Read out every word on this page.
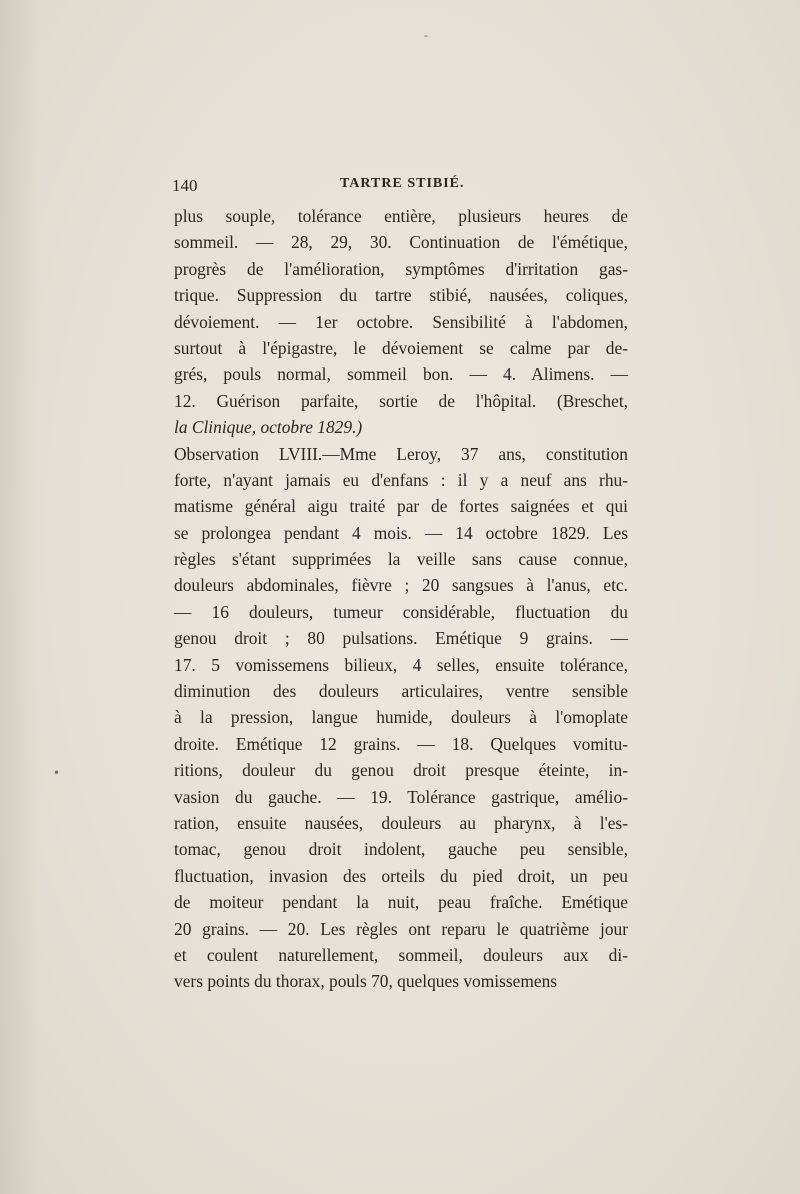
-
•
140	TARTRE STIBIÉ.
plus souple, tolérance entière, plusieurs heures de
sommeil. — 28, 29, 30. Continuation de l'émétique,
progrès de l'amélioration, symptômes d'irritation gas-
trique. Suppression du tartre stibié, nausées, coliques,
dévoiement. — 1er octobre. Sensibilité à l'abdomen,
surtout à l'épigastre, le dévoiement se calme par de-
grés, pouls normal, sommeil bon. — 4. Alimens. —
12. Guérison parfaite, sortie de l'hôpital. (Breschet,
la Clinique, octobre 1829.)
Observation LVIII.—Mme Leroy, 37 ans, constitution
forte, n'ayant jamais eu d'enfans : il y a neuf ans rhu-
matisme général aigu traité par de fortes saignées et qui
se prolongea pendant 4 mois. — 14 octobre 1829. Les
règles s'étant supprimées la veille sans cause connue,
douleurs abdominales, fièvre ; 20 sangsues à l'anus, etc.
— 16 douleurs, tumeur considérable, fluctuation du
genou droit ; 80 pulsations. Emétique 9 grains. —
17. 5 vomissemens bilieux, 4 selles, ensuite tolérance,
diminution des douleurs articulaires, ventre sensible
à la pression, langue humide, douleurs à l'omoplate
droite. Emétique 12 grains. — 18. Quelques vomitu-
ritions, douleur du genou droit presque éteinte, in-
vasion du gauche. — 19. Tolérance gastrique, amélio-
ration, ensuite nausées, douleurs au pharynx, à l'es-
tomac, genou droit indolent, gauche peu sensible,
fluctuation, invasion des orteils du pied droit, un peu
de moiteur pendant la nuit, peau fraîche. Emétique
20 grains. — 20. Les règles ont reparu le quatrième jour
et coulent naturellement, sommeil, douleurs aux di-
vers points du thorax, pouls 70, quelques vomissemens
